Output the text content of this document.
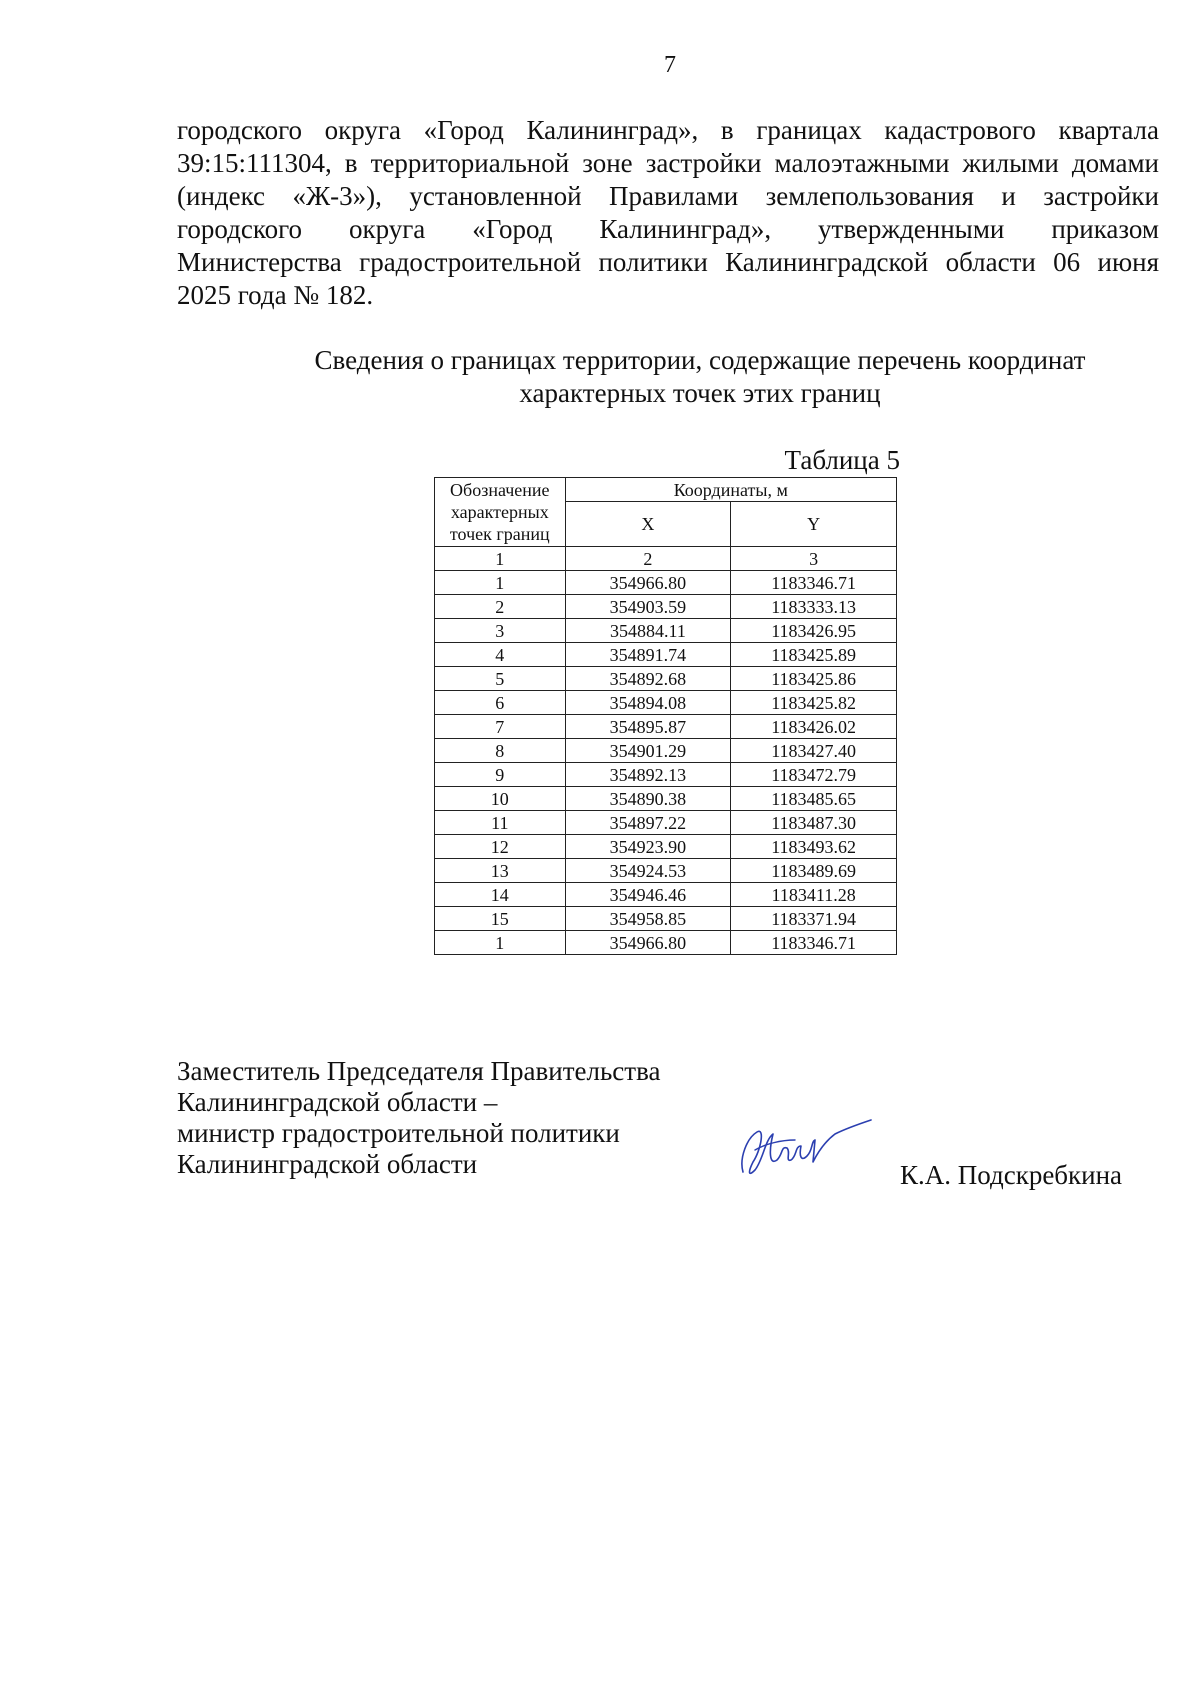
7
городского округа «Город Калининград», в границах кадастрового квартала
39:15:111304, в территориальной зоне застройки малоэтажными жилыми домами
(индекс «Ж-3»), установленной Правилами землепользования и застройки
городского округа «Город Калининград», утвержденными приказом
Министерства градостроительной политики Калининградской области 06 июня
2025 года № 182.
Сведения о границах территории, содержащие перечень координат
характерных точек этих границ
Таблица 5
Обозначение характерных точек границ	Координаты, м	
	X	Y
1	2	3
1	354966.80	1183346.71
2	354903.59	1183333.13
3	354884.11	1183426.95
4	354891.74	1183425.89
5	354892.68	1183425.86
6	354894.08	1183425.82
7	354895.87	1183426.02
8	354901.29	1183427.40
9	354892.13	1183472.79
10	354890.38	1183485.65
11	354897.22	1183487.30
12	354923.90	1183493.62
13	354924.53	1183489.69
14	354946.46	1183411.28
15	354958.85	1183371.94
1	354966.80	1183346.71
Заместитель Председателя Правительства
Калининградской области –
министр градостроительной политики
Калининградской области	К.А. Подскребкина
